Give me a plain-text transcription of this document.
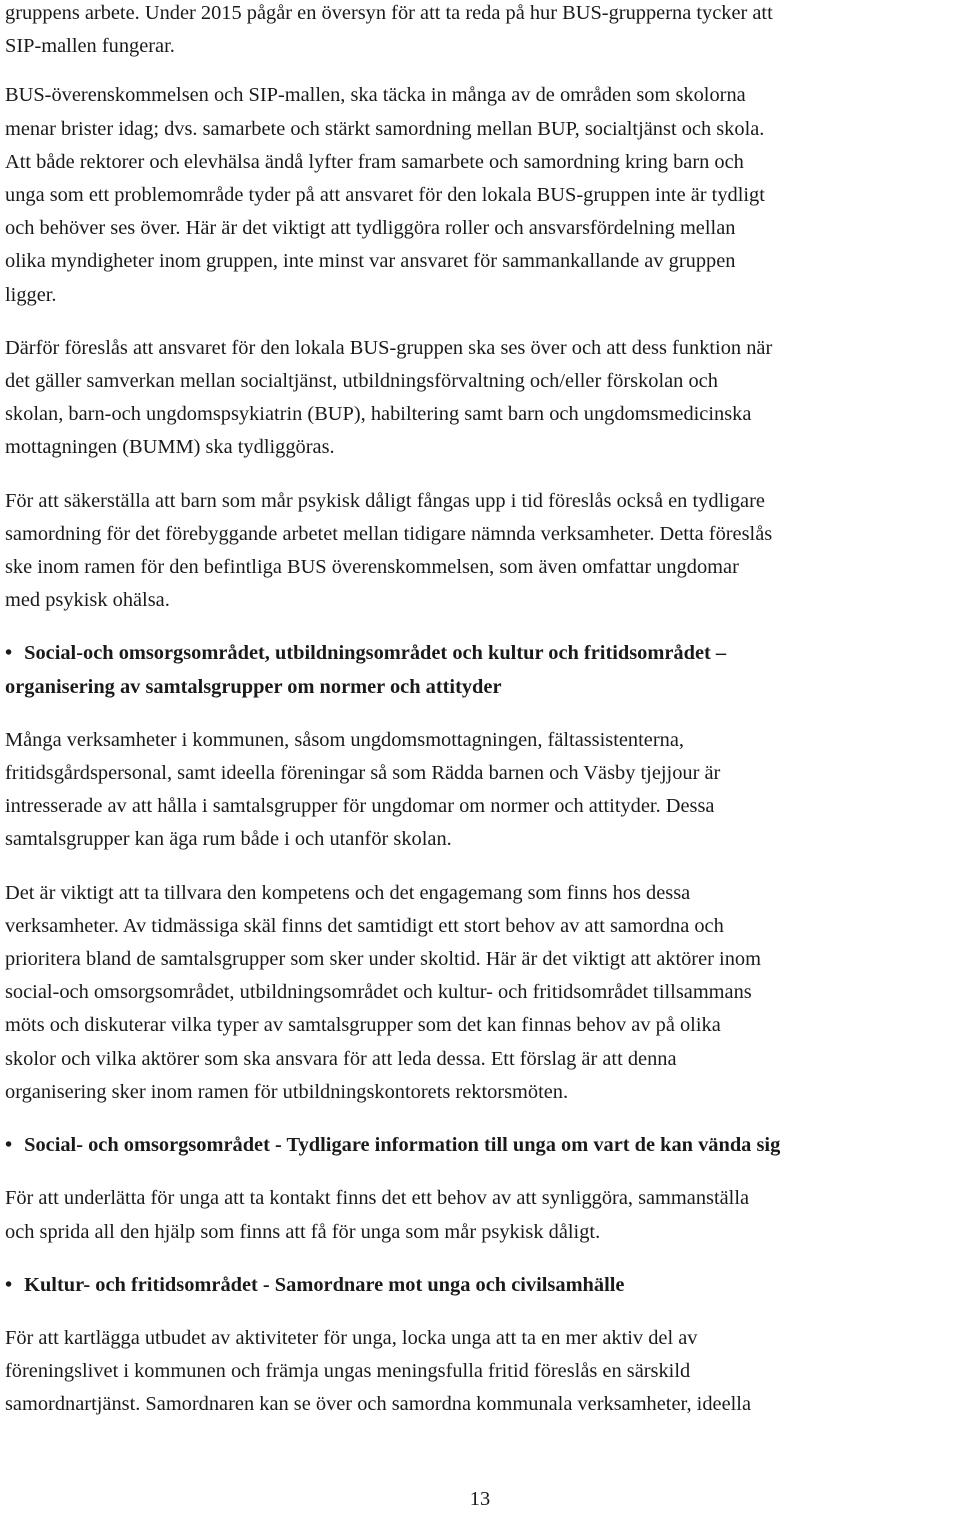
gruppens arbete. Under 2015 pågår en översyn för att ta reda på hur BUS-grupperna tycker att
SIP-mallen fungerar.

BUS-överenskommelsen och SIP-mallen, ska täcka in många av de områden som skolorna
menar brister idag; dvs. samarbete och stärkt samordning mellan BUP, socialtjänst och skola.
Att både rektorer och elevhälsa ändå lyfter fram samarbete och samordning kring barn och
unga som ett problemområde tyder på att ansvaret för den lokala BUS-gruppen inte är tydligt
och behöver ses över. Här är det viktigt att tydliggöra roller och ansvarsfördelning mellan
olika myndigheter inom gruppen, inte minst var ansvaret för sammankallande av gruppen
ligger.

Därför föreslås att ansvaret för den lokala BUS-gruppen ska ses över och att dess funktion när
det gäller samverkan mellan socialtjänst, utbildningsförvaltning och/eller förskolan och
skolan, barn-och ungdomspsykiatrin (BUP), habiltering samt barn och ungdomsmedicinska
mottagningen (BUMM) ska tydliggöras.

För att säkerställa att barn som mår psykisk dåligt fångas upp i tid föreslås också en tydligare
samordning för det förebyggande arbetet mellan tidigare nämnda verksamheter. Detta föreslås
ske inom ramen för den befintliga BUS överenskommelsen, som även omfattar ungdomar
med psykisk ohälsa.

• Social-och omsorgsområdet, utbildningsområdet och kultur och fritidsområdet –
organisering av samtalsgrupper om normer och attityder

Många verksamheter i kommunen, såsom ungdomsmottagningen, fältassistenterna,
fritidsgårdspersonal, samt ideella föreningar så som Rädda barnen och Väsby tjejjour är
intresserade av att hålla i samtalsgrupper för ungdomar om normer och attityder. Dessa
samtalsgrupper kan äga rum både i och utanför skolan.

Det är viktigt att ta tillvara den kompetens och det engagemang som finns hos dessa
verksamheter. Av tidmässiga skäl finns det samtidigt ett stort behov av att samordna och
prioritera bland de samtalsgrupper som sker under skoltid. Här är det viktigt att aktörer inom
social-och omsorgsområdet, utbildningsområdet och kultur- och fritidsområdet tillsammans
möts och diskuterar vilka typer av samtalsgrupper som det kan finnas behov av på olika
skolor och vilka aktörer som ska ansvara för att leda dessa. Ett förslag är att denna
organisering sker inom ramen för utbildningskontorets rektorsmöten.

• Social- och omsorgsområdet - Tydligare information till unga om vart de kan vända sig

För att underlätta för unga att ta kontakt finns det ett behov av att synliggöra, sammanställa
och sprida all den hjälp som finns att få för unga som mår psykisk dåligt.

• Kultur- och fritidsområdet - Samordnare mot unga och civilsamhälle

För att kartlägga utbudet av aktiviteter för unga, locka unga att ta en mer aktiv del av
föreningslivet i kommunen och främja ungas meningsfulla fritid föreslås en särskild
samordnartjänst. Samordnaren kan se över och samordna kommunala verksamheter, ideella

13
